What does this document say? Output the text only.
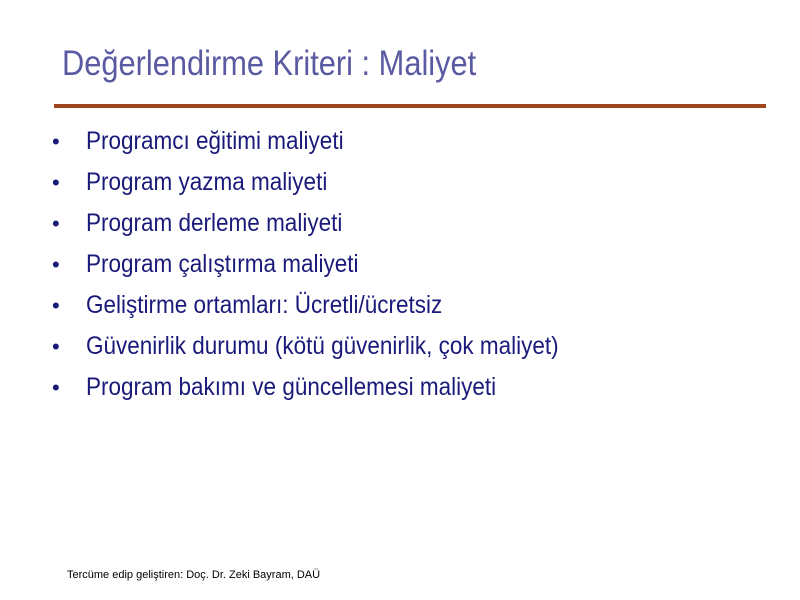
Değerlendirme Kriteri : Maliyet
•	Programcı eğitimi maliyeti
•	Program yazma maliyeti
•	Program derleme maliyeti
•	Program çalıştırma maliyeti
•	Geliştirme ortamları: Ücretli/ücretsiz
•	Güvenirlik durumu (kötü güvenirlik, çok maliyet)
•	Program bakımı ve güncellemesi maliyeti
Tercüme edip geliştiren: Doç. Dr. Zeki Bayram, DAÜ
